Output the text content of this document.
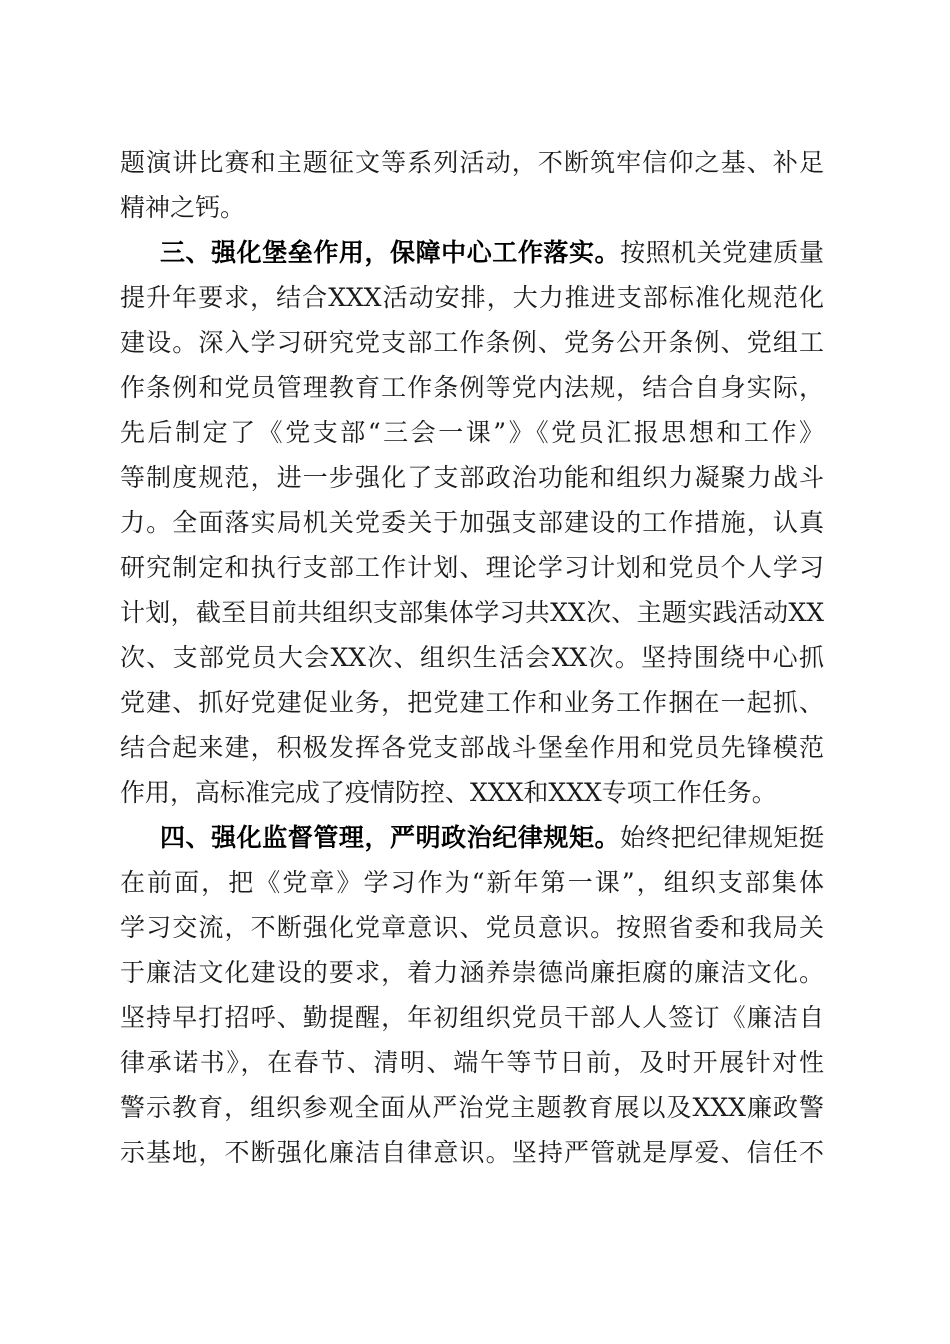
题演讲比赛和主题征文等系列活动，不断筑牢信仰之基、补足
精神之钙。
三、强化堡垒作用，保障中心工作落实。按照机关党建质量
提升年要求，结合XXX活动安排，大力推进支部标准化规范化
建设。深入学习研究党支部工作条例、党务公开条例、党组工
作条例和党员管理教育工作条例等党内法规，结合自身实际，
先后制定了《党支部“三会一课”》《党员汇报思想和工作》
等制度规范，进一步强化了支部政治功能和组织力凝聚力战斗
力。全面落实局机关党委关于加强支部建设的工作措施，认真
研究制定和执行支部工作计划、理论学习计划和党员个人学习
计划，截至目前共组织支部集体学习共XX次、主题实践活动XX
次、支部党员大会XX次、组织生活会XX次。坚持围绕中心抓
党建、抓好党建促业务，把党建工作和业务工作捆在一起抓、
结合起来建，积极发挥各党支部战斗堡垒作用和党员先锋模范
作用，高标准完成了疫情防控、XXX和XXX专项工作任务。
四、强化监督管理，严明政治纪律规矩。始终把纪律规矩挺
在前面，把《党章》学习作为“新年第一课”，组织支部集体
学习交流，不断强化党章意识、党员意识。按照省委和我局关
于廉洁文化建设的要求，着力涵养崇德尚廉拒腐的廉洁文化。
坚持早打招呼、勤提醒，年初组织党员干部人人签订《廉洁自
律承诺书》，在春节、清明、端午等节日前，及时开展针对性
警示教育，组织参观全面从严治党主题教育展以及XXX廉政警
示基地，不断强化廉洁自律意识。坚持严管就是厚爱、信任不
